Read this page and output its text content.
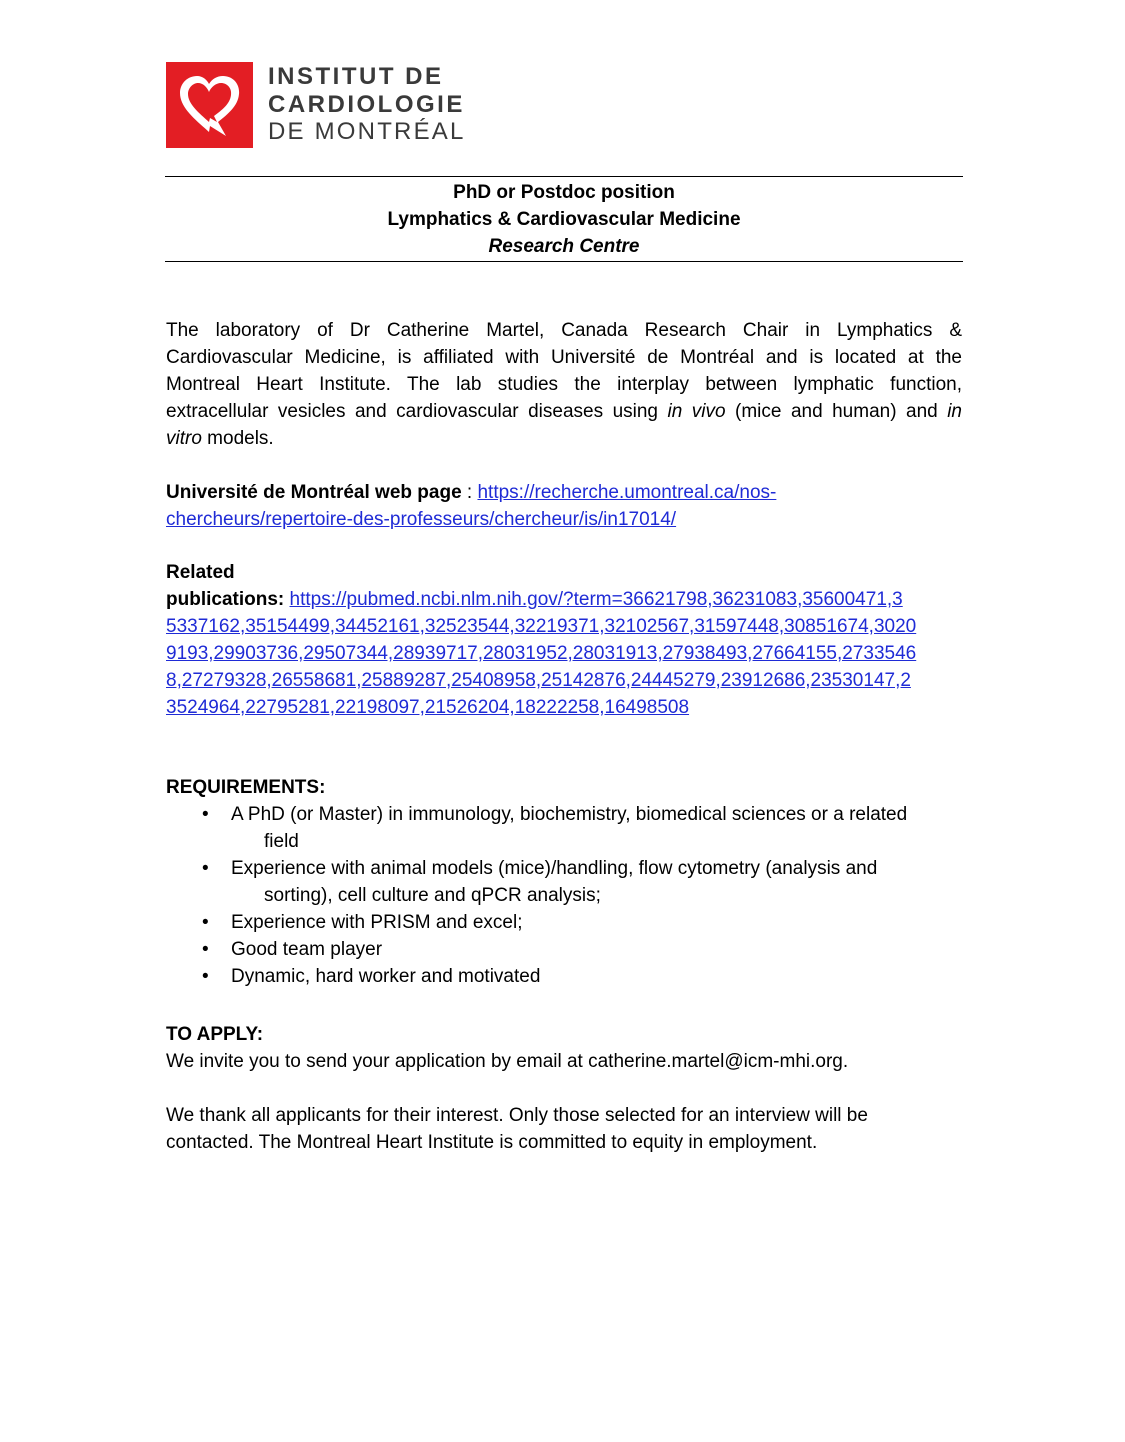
INSTITUT DE
CARDIOLOGIE
DE MONTRÉAL
PhD or Postdoc position
Lymphatics & Cardiovascular Medicine
Research Centre
The laboratory of Dr Catherine Martel, Canada Research Chair in Lymphatics &
Cardiovascular Medicine, is affiliated with Université de Montréal and is located at the
Montreal Heart Institute. The lab studies the interplay between lymphatic function,
extracellular vesicles and cardiovascular diseases using in vivo (mice and human) and in
vitro models.
Université de Montréal web page : https://recherche.umontreal.ca/nos-
chercheurs/repertoire-des-professeurs/chercheur/is/in17014/
Related
publications: https://pubmed.ncbi.nlm.nih.gov/?term=36621798,36231083,35600471,3
5337162,35154499,34452161,32523544,32219371,32102567,31597448,30851674,3020
9193,29903736,29507344,28939717,28031952,28031913,27938493,27664155,2733546
8,27279328,26558681,25889287,25408958,25142876,24445279,23912686,23530147,2
3524964,22795281,22198097,21526204,18222258,16498508
REQUIREMENTS:
• A PhD (or Master) in immunology, biochemistry, biomedical sciences or a related
field
• Experience with animal models (mice)/handling, flow cytometry (analysis and
sorting), cell culture and qPCR analysis;
• Experience with PRISM and excel;
• Good team player
• Dynamic, hard worker and motivated
TO APPLY:
We invite you to send your application by email at catherine.martel@icm-mhi.org.
We thank all applicants for their interest. Only those selected for an interview will be
contacted. The Montreal Heart Institute is committed to equity in employment.
